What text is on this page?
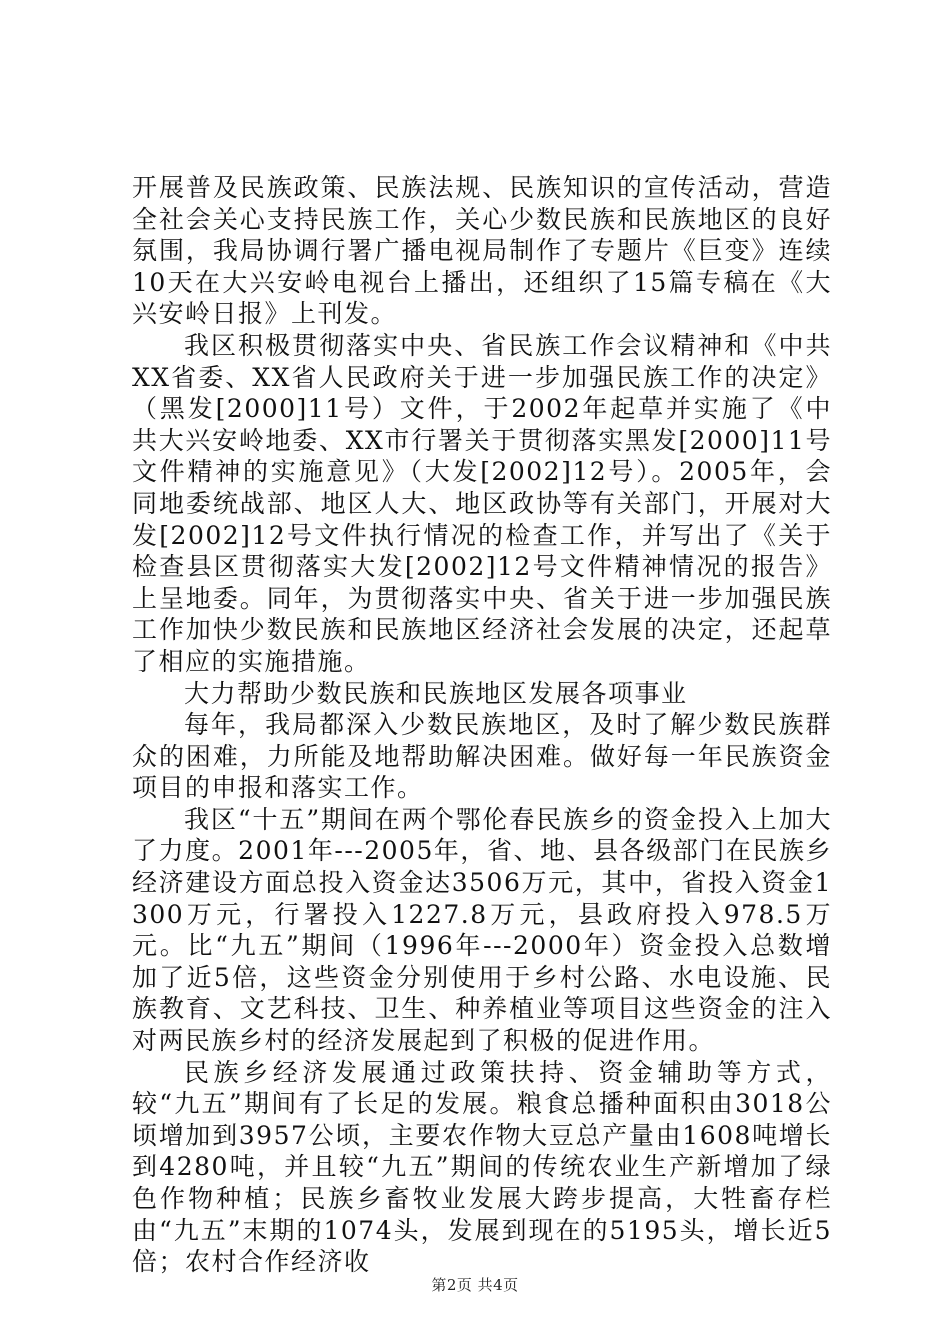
开展普及民族政策、民族法规、民族知识的宣传活动，营造全社会关心支持民族工作，关心少数民族和民族地区的良好氛围，我局协调行署广播电视局制作了专题片《巨变》连续10天在大兴安岭电视台上播出，还组织了15篇专稿在《大兴安岭日报》上刊发。

我区积极贯彻落实中央、省民族工作会议精神和《中共XX省委、XX省人民政府关于进一步加强民族工作的决定》（黑发[2000]11号）文件，于2002年起草并实施了《中共大兴安岭地委、XX市行署关于贯彻落实黑发[2000]11号文件精神的实施意见》（大发[2002]12号）。2005年，会同地委统战部、地区人大、地区政协等有关部门，开展对大发[2002]12号文件执行情况的检查工作，并写出了《关于检查县区贯彻落实大发[2002]12号文件精神情况的报告》上呈地委。同年，为贯彻落实中央、省关于进一步加强民族工作加快少数民族和民族地区经济社会发展的决定，还起草了相应的实施措施。

大力帮助少数民族和民族地区发展各项事业

每年，我局都深入少数民族地区，及时了解少数民族群众的困难，力所能及地帮助解决困难。做好每一年民族资金项目的申报和落实工作。

我区“十五”期间在两个鄂伦春民族乡的资金投入上加大了力度。2001年---2005年，省、地、县各级部门在民族乡经济建设方面总投入资金达3506万元，其中，省投入资金1300万元，行署投入1227.8万元，县政府投入978.5万元。比“九五”期间（1996年---2000年）资金投入总数增加了近5倍，这些资金分别使用于乡村公路、水电设施、民族教育、文艺科技、卫生、种养植业等项目这些资金的注入对两民族乡村的经济发展起到了积极的促进作用。

民族乡经济发展通过政策扶持、资金辅助等方式，较“九五”期间有了长足的发展。粮食总播种面积由3018公顷增加到3957公顷，主要农作物大豆总产量由1608吨增长到4280吨，并且较“九五”期间的传统农业生产新增加了绿色作物种植；民族乡畜牧业发展大跨步提高，大牲畜存栏由“九五”末期的1074头，发展到现在的5195头，增长近5倍；农村合作经济收

第2页 共4页
